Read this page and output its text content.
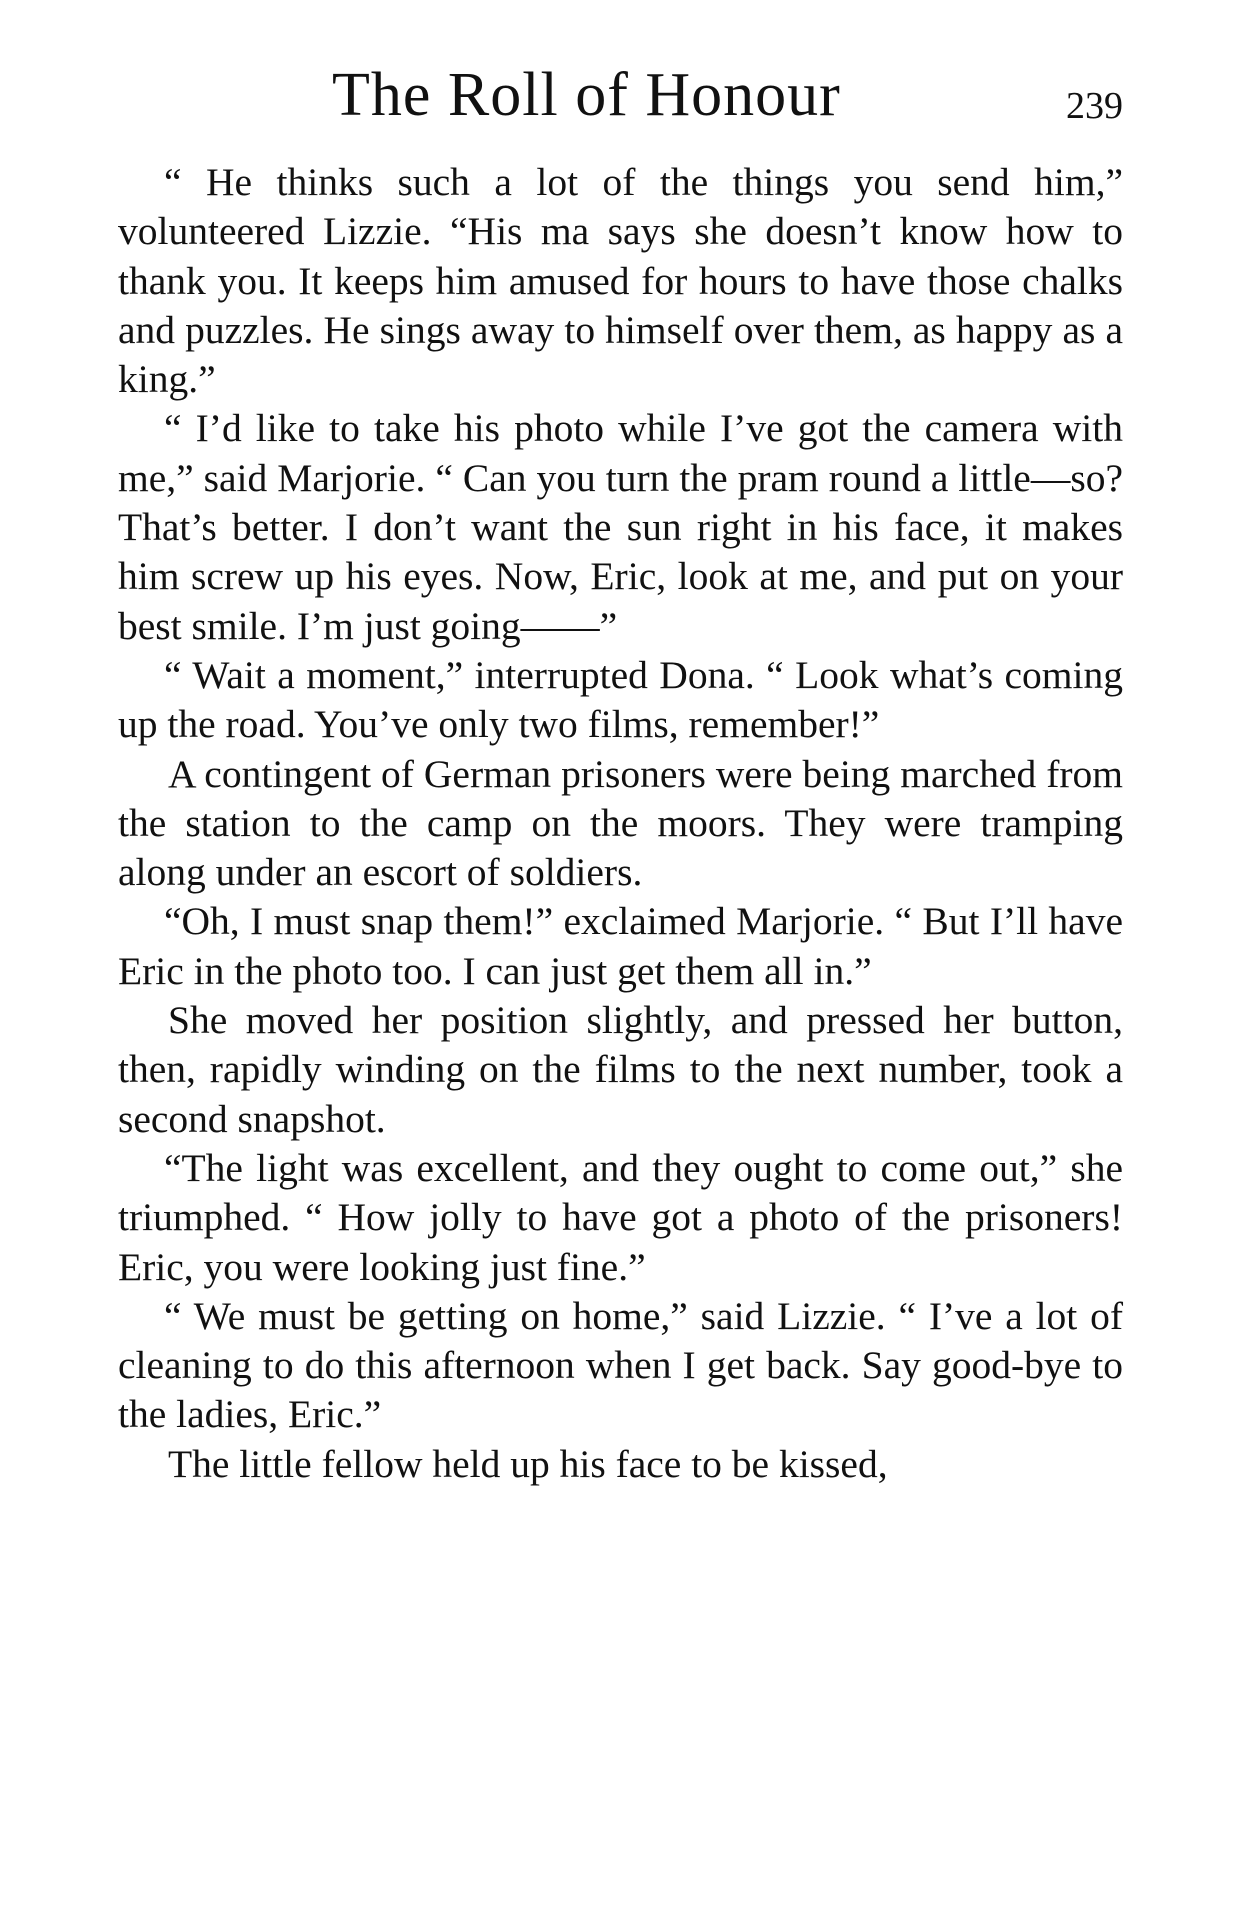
The Roll of Honour	239

“ He thinks such a lot of the things you send him,” volunteered Lizzie. “His ma says she doesn’t know how to thank you. It keeps him amused for hours to have those chalks and puzzles. He sings away to himself over them, as happy as a king.”

“ I’d like to take his photo while I’ve got the camera with me,” said Marjorie. “ Can you turn the pram round a little—so? That’s better. I don’t want the sun right in his face, it makes him screw up his eyes. Now, Eric, look at me, and put on your best smile. I’m just going——”

“ Wait a moment,” interrupted Dona. “ Look what’s coming up the road. You’ve only two films, remember!”

A contingent of German prisoners were being marched from the station to the camp on the moors. They were tramping along under an escort of soldiers.

“Oh, I must snap them!” exclaimed Marjorie. “ But I’ll have Eric in the photo too. I can just get them all in.”

She moved her position slightly, and pressed her button, then, rapidly winding on the films to the next number, took a second snapshot.

“The light was excellent, and they ought to come out,” she triumphed. “ How jolly to have got a photo of the prisoners! Eric, you were looking just fine.”

“ We must be getting on home,” said Lizzie. “ I’ve a lot of cleaning to do this afternoon when I get back. Say good-bye to the ladies, Eric.”

The little fellow held up his face to be kissed,
